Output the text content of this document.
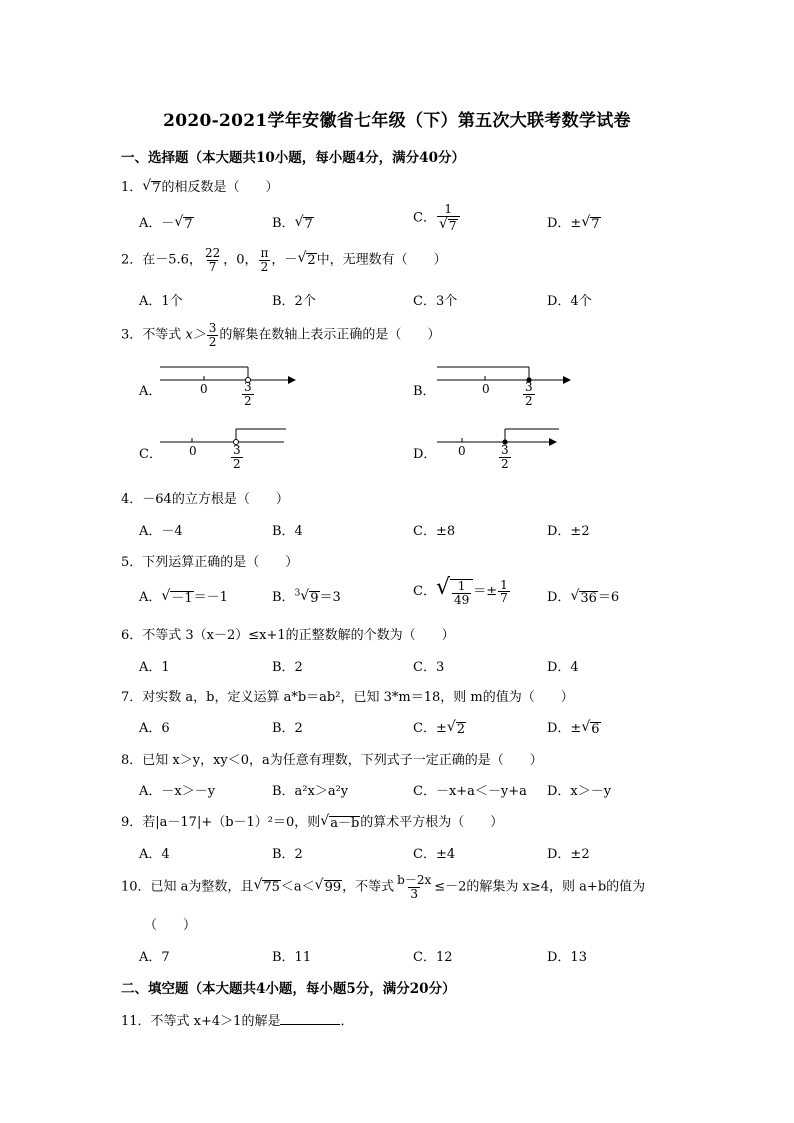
2020-2021学年安徽省七年级（下）第五次大联考数学试卷
一、选择题（本大题共10小题，每小题4分，满分40分）
1． √ 7 的相反数是（　　）
A．－ √ 7	B． √ 7	C． $\frac{1}{√ 7}$	D．± √ 7
2．在－5.6， $\frac{22}{7}$ ，0， $\frac{\pi}{2}$ ，－ √ 2 中，无理数有（　　）
A．1个	B．2个	C．3个	D．4个
3．不等式 $x> \frac{3}{2}$ 的解集在数轴上表示正确的是（　　）
A．	0	$\frac{3}{2}$	B．	0	$\frac{3}{2}$
C． 0	$\frac{3}{2}$	D． 0	$\frac{3}{2}$
4．－64的立方根是（　　）
A．－4	B．4	C．±8	D．±2
5．下列运算正确的是（　　）
A． √ －1 ＝－1	B．$^3$ √ 9 ＝3	C． √ $\frac{1}{49} =\pm \frac{1}{7}$	D． √ 36 ＝6
6．不等式 3（x－2）≤x+1的正整数解的个数为（　　）
A．1	B．2	C．3	D．4
7．对实数 a，b，定义运算 a*b＝ab²，已知 3*m＝18，则 m的值为（　　）
A．6	B．2	C．± √ 2	D．± √ 6
8．已知 x＞y，xy＜0，a为任意有理数，下列式子一定正确的是（　　）
A．－x＞－y	B．a²x＞a²y	C．－x+a＜－y+a D．x＞－y
9．若|a－17|+（b－1）²＝0，则 √ a－b 的算术平方根为（　　）
A．4	B．2	C．±4	D．±2
10．已知 a为整数，且 √ 75 ＜a＜ √ 99 ，不等式 $\frac{b-2x}{3} \le-2$的解集为 x≥4，则 a+b的值为
（　　）
A．7	B．11	C．12	D．13
二、填空题（本大题共4小题，每小题5分，满分20分）
11．不等式 x+4＞1的解是	．
